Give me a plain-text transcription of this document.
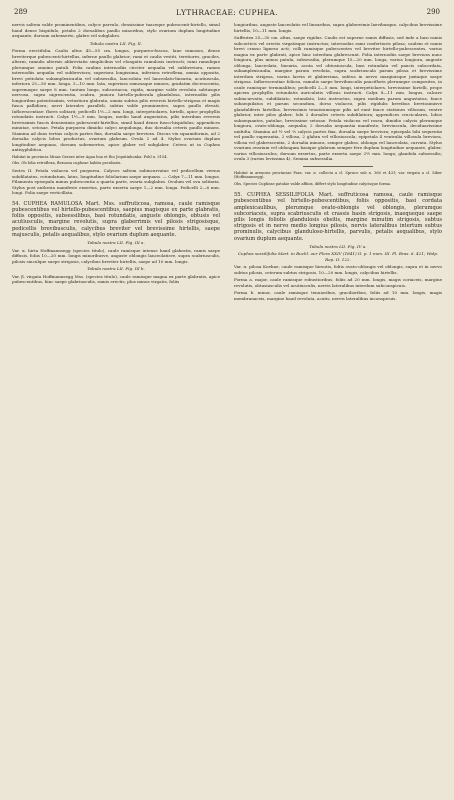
289	LYTHRACEAE: CUPHEA.	290

nervis saltem valde prominentibus, calyce parvulo, densissime tuaceque pubescenti-hirtello, simul hand dense hispidulo, petalis 2 dorsalibus paullo minoribus, stylo ovarium duplum longitudine aequante, dorsum subexserto, glabro vel subglabro.

Tabula nostra LII. Fig. II.

Forma erectifolia. Caulis altus 45—55 cm. longus, purpureo-fuscus, lane ramosus, dense breviterque pubescenti-hirtellus, inferne paullo glabrior; rami et caulis vestiti, teretiores, graciles, alterni, ramulis alternis abbreviatis simplicibus vel elongatis ramulosis instructi; rami ramulique plerumque omnino patuli. Folia caulina internodiis circiter aequalia vel subbreviora, ramea internodiis aequalia vel subbreviora; superiora longissima, inferiora retroflexa, omnia opposita, brevi petiolata subamplexicaulia vel subsessilia, lanceolata vel lanceolato-linearia, acutiuscula, inferiora 25—50 mm. longa, 3—10 mm. lata, superiora ramosaque minora, gradatim decrescentia, supremaque saepe 8 mm. tantum longa, subcoriacea, rigida, margine valde revoluta subtusque nervosa, supra nigrescentia, scabra, juniora hirtello-puberula glandulosa, internodiis pilis longioribus patentissimis, vetustiora glabrata, omnia subtus pilis reversis hirtello-strigosa et magis fusca pallidiora; nervi laterales paralleli, subtus valde prominentes, supra paullo elevati. Inflorescentiae: flores solitarii; pedicelli 1½—2 mm. longi, interpetiolares, hirtelli, apice prophyllis rotundatis instructi. Calyx 1½—9 mm. longus, medio haud angustatus, pilis interdum reversis brevissimis fuscis densissimis pubescenti-hirtellus, simul haud dense fusco-hispidulus; appendices minutae, setosae. Petala purpurea dimidio calyci aequilonga, duo dorsalia ceteris paullo minora. Stamina ad duas tertias calycis partes fixa, dorsalia saepe breviora. Discus vix squamiformis, ad 2 dorsalia calycis lobos productus, ovarium glabrum. Ovula 2 ad 4. Stylus ovarium duplum longitudine aequans, dorsum subexsertus, apice glaber vel subglaber. Cetera ut in Cuphea antisyphilitica.

Habitat in provincia Minas Geraes inter Agua boa et Rio Jequitinhonha: Pohl n. 5154.

Obs. Ob folia retroflexa, flexuosa cupheae habitu peculiaris.

Series II. Petala violacea vel purpurea. Calyces saltem subincurvatae vel pedicellum versus subdilatatus, rotundatum, latus, longitudine foliolarium saepe aequans. — Calyx 7—11 mm. longus. Filamenta episepala minus pubescentia a quarta parte, ovaria subglabra. Ovulum vel ova solitaria. Stylus post anthesin manifeste exsertus, parte exserta saepe 1—2 mm. longa. Pedicelli 2—6 mm. longi. Folia saepe verticillata.

54. CUPHEA RAMULOSA Mart. Mss. suffruticosa, ramosa, caule ramisque pubescentibus vel hirtello-pubescentibus, saepius magisque ex parte glabratis, foliis oppositis, subsessilibus, basi rotundatis, anguste oblongis, obtusis vel acutiusculis, margine revolutis, supra glaberrimis vel pilosis strigosisque, pedicellis brevibusculis, calycibus breviter vel brevissime hirtellis, saepe majusculis, petalis aequalibus, stylo ovarium duplum aequante.

Tabula nostra LII. Fig. III a.

Var. α. hirta Hoffmannsegg (species titulo), caule ramisque intense hand glabratis, ramis saepe diffusis, foliis 10—20 mm. longis minoribusve, anguste oblongis lanceolatisve, supra scabriusculis, pilosis sinculque saepe strigosis, calycibus breviter hirtellis, saepe ad 10 mm. longis.

Tabula nostra LII. Fig. III b.

Var. β. virgata Hoffmannsegg Mss. (species titulo), caule ramisque magna ex parte glabratis, apice pubescentibus, hinc saepe glabriusculis, ramis erectis, plus minus virgatis, foliis

longioribus, anguste lanceolatis vel linearibus, supra glaberrimis laevibusque, calycibus brevissime hirtellis, 10—11 mm. longis.

Suffrutex 25—30 cm. altus, saepe rigidus. Caulis est superne ramis diffusis, sed inde a basi ramis subcorticis vel erectis virgatisque instructus; internodus rami confertioris pilosa; caulem et ramis brevi crasso ligneso acti; colli ramisque pubescentes vel breviter hirtello-pubescentes, varius magna ex parte glabrati, apice hinc interdum glabrescunt. Folia internodiis saepe breviora nunc longiora, plus minus patula, subsessilia, plerumque 15—20 mm. longa, varius longiora, anguste oblonga, lanceolata, linearia, acuta vel obtusiuscula, basi rotundata vel paucis subcordata, subamplexicaulia, margine parum revoluta, supra scabriuscula parum pilosa et brevissime interdum strigosa, varius laevia et glaberrima, subtus in nervo marginisque juxtaque saepe strigosa. Inflorescentiae folioso, ramulis saepe brevibusculis paucifloris plerumque composites, in caule ramisque terminalibus; pedicelli 2—5 mm. longi, interpetiolares, brevissime hirtelli, prope apicem prophyllis rotundatis auriculatis villosis instructi. Calyx 8—11 mm. longus, calcare subincurvatio, subdilatato, rotundato, lato instructus, supra medium parum angustatus, fauce subaequilatus et parum secundum, dorso violaceo, pilis rigidulis brevibus brevissimisve glanduliferis hirtellus, brevissimis tenuissimisque pilis ad eunt fauce stationes villosum, ventre glabrior, inter pilos glaber; lobi 2 dorsales ceteris subdilatiora; appendices cruciculares, lobos subaequantes, patulae, brevissime setosae. Petala violacea vel rosea, dimidio calycis plerumque longiora, ovato-oblonga, aequalia; 2 dorsalia aequantia manifeste, breviuscula, deciduavissime unifulta. Stamina ad ½ vel ⅔ calycis partes fixa, dorsalia saepe breviora; episepala lobi sequentia vel paullo superantia, 2 villosa, 2 glabra vel villosiuscula; epipetala 4 ventralia villosula breviora, villosa vel glabrescentia, 2 dorsalia minora, semper glabra, oblonga vel lanceolata, curvata. Stylus ovarium ovarium vel oblongum basique glabrum semper fere duplum longitudine aequante, glaber, varius villosiusculus, dorsum exsertus, parte exserta saepe 2½ mm. longa; glandula subsessilis; ovula 3 (rarius levissima 4). Semina subsessilia.

Habitat in arenosis provinciae Para. var. α. collecta a cl. Spruce sub n. 360 et 431; var. virgata a cl. Siber (Hoffmannsegg).

Obs. Species Cupheae patulae valde affinis, differt stylo longitudine calycisque forma.

55. CUPHEA SESSILIFOLIA Mart. suffruticosa ramosa, caule ramisque pubescentibus vel hirtello-pubescentibus, foliis oppositis, basi cordata amplexicaulibus, plerumque ovato-oblongis vel oblongis, plerumque subcoriaceis, supra scabriusculis et crassis basin strigosis, inaequeque saepe pilis longis foliolis glandulosis obsitis, margine minutim strigosis, subtus strigosis et in nervo medio longius pilosis, nervis lateralibus intertum subtus prominulis, calycibus glanduloso-hirtellis, parvulis, petalis aequalibus, stylo ovarium duplum aequante.

Tabula nostra LII. Fig. IV a.

Cuphea sessilifolia Mart. in Buchl. our Flora XXIV (1841) II. p. 1 num. III. Fl. Bras. 6. 421; Walp. Rep. II. 122.

Var. α. pilosa Koehne, caule ramisque hirsutis, foliis ovato-oblongis vel oblongis, supra et in nervo subtus pilosis, ceterum subtus strigosis, 10—20 mm. longis, calycibus hirtellis.

Forma a. major, caule ramisque robustioribus, foliis ad 20 mm. longis, magis coriaceis, margine revolutis, obtusiusculis vel acutiusculis, nervis lateralibus interdum subconspicuis.

Forma b. minor, caule ramisque tenuioribus, gracilioribus, foliis ad 10 mm. longis, magis membranaceis, margine haud revoluta, acutis, nervis lateralibus inconspicuis.
